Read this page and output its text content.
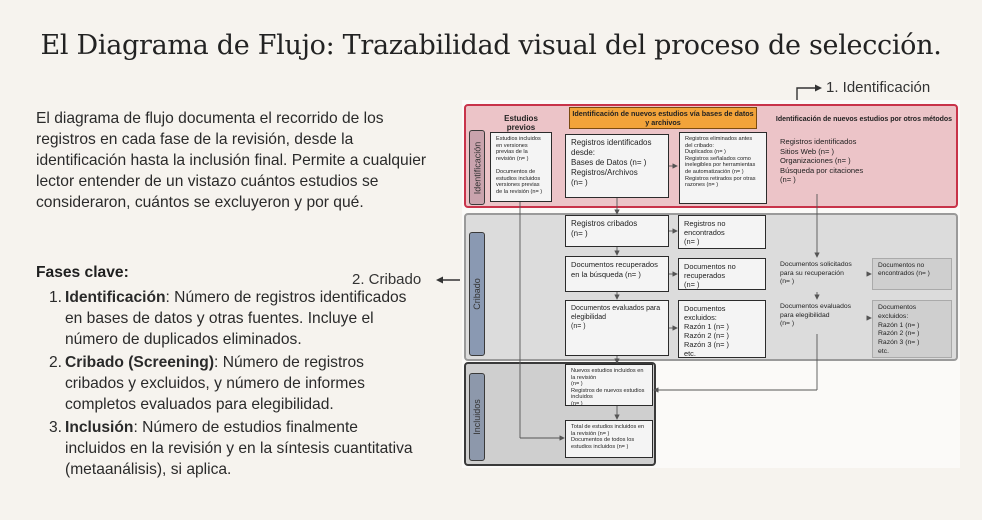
El Diagrama de Flujo: Trazabilidad visual del proceso de selección.
El diagrama de flujo documenta el recorrido de los registros en cada fase de la revisión, desde la identificación hasta la inclusión final. Permite a cualquier lector entender de un vistazo cuántos estudios se consideraron, cuántos se excluyeron y por qué.
Fases clave:
1. Identificación: Número de registros identificados en bases de datos y otras fuentes. Incluye el número de duplicados eliminados.
2. Cribado (Screening): Número de registros cribados y excluidos, y número de informes completos evaluados para elegibilidad.
3. Inclusión: Número de estudios finalmente incluidos en la revisión y en la síntesis cuantitativa (metaanálisis), si aplica.
1. Identificación
2. Cribado
Identificación
Cribado
Incluidos
Estudios previos
Identificación de nuevos estudios vía bases de datos y archivos	Identificación de nuevos estudios por otros métodos
Estudios incluidos en versiones previas de la revisión (n= )

Documentos de estudios incluidos versiones previas de la revisión (n= )
Registros identificados desde:
Bases de Datos (n= )
Registros/Archivos
(n= )
Registros eliminados antes del cribado:
Duplicados (n= )
Registros señalados como inelegibles por herramientas de automatización (n= )
Registros retirados por otras razones (n= )
Registros identificados
Sitios Web (n= )
Organizaciones (n= )
Búsqueda por citaciones
(n= )
Registros cribados
(n= )
Registros no encontrados
(n= )
Documentos recuperados en la búsqueda (n= )
Documentos no recuperados
(n= )
Documentos solicitados para su recuperación
(n= )
Documentos no encontrados (n= )
Documentos evaluados para elegibilidad
(n= )
Documentos excluidos:
Razón 1 (n= )
Razón 2 (n= )
Razón 3 (n= )
etc.
Documentos evaluados para elegibilidad
(n= )
Documentos excluidos:
Razón 1 (n= )
Razón 2 (n= )
Razón 3 (n= )
etc.
Nuevos estudios incluidos en la revisión
(n= )
Registros de nuevos estudios incluidos
(n= )
Total de estudios incluidos en la revisión (n= )
Documentos de todos los estudios incluidos (n= )
